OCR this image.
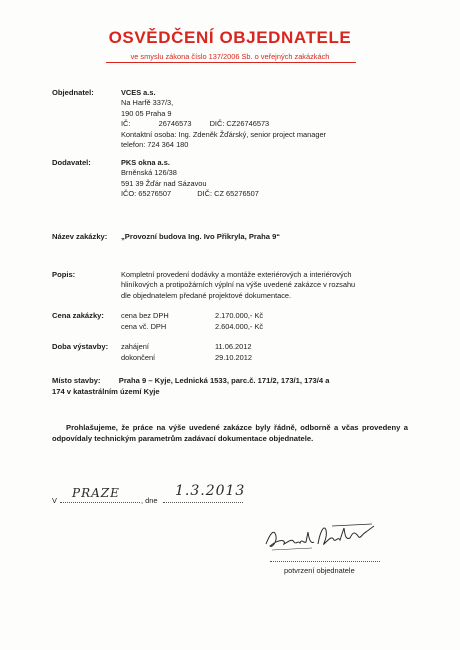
OSVĚDČENÍ OBJEDNATELE
ve smyslu zákona číslo 137/2006 Sb. o veřejných zakázkách
Objednatel:	VCES a.s.
Na Harfě 337/3,
190 05 Praha 9
IČ:	26746573 DIČ: CZ26746573
Kontaktní osoba: Ing. Zdeněk Žďárský, senior project manager
telefon: 724 364 180
Dodavatel:	PKS okna a.s.
Brněnská 126/38
591 39 Žďár nad Sázavou
IČO: 65276507	DIČ: CZ 65276507
Název zakázky: „Provozní budova Ing. Ivo Přikryla, Praha 9“
Popis:	Kompletní provedení dodávky a montáže exteriérových a interiérových
hliníkových a protipožárních výplní na výše uvedené zakázce v rozsahu
dle objednatelem předané projektové dokumentace.
Cena zakázky: cena bez DPH	2.170.000,- Kč
cena vč. DPH	2.604.000,- Kč
Doba výstavby: zahájení	11.06.2012
dokončení	29.10.2012
Místo stavby: Praha 9 – Kyje, Lednická 1533, parc.č. 171/2, 173/1, 173/4 a
174 v katastrálním území Kyje
Prohlašujeme, že práce na výše uvedené zakázce byly řádně, odborně a včas provedeny a odpovídaly technickým parametrům zadávací dokumentace objednatele.
V
PRAZE
, dne
1.3.2013
potvrzení objednatele
